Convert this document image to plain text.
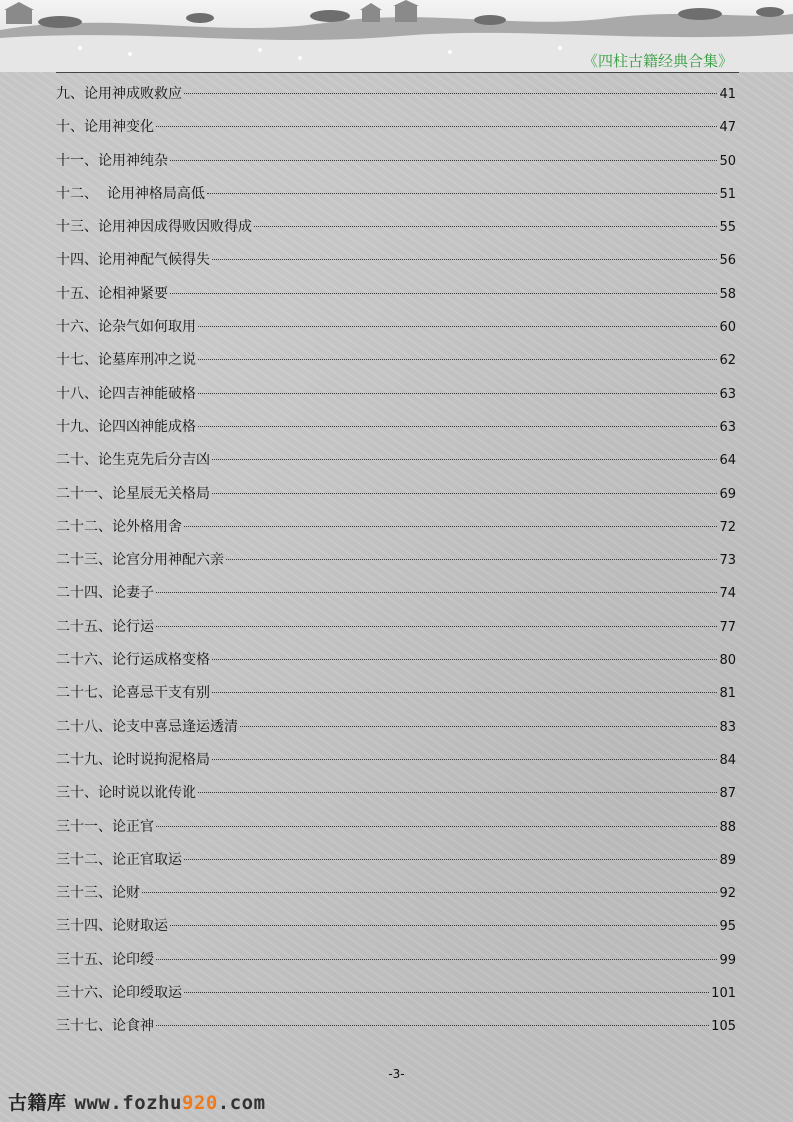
《四柱古籍经典合集》
九、论用神成败救应	41
十、论用神变化	47
十一、论用神纯杂	50
十二、  论用神格局高低	51
十三、论用神因成得败因败得成	55
十四、论用神配气候得失	56
十五、论相神紧要	58
十六、论杂气如何取用	60
十七、论墓库刑冲之说	62
十八、论四吉神能破格	63
十九、论四凶神能成格	63
二十、论生克先后分吉凶	64
二十一、论星辰无关格局	69
二十二、论外格用舍	72
二十三、论宫分用神配六亲	73
二十四、论妻子	74
二十五、论行运	77
二十六、论行运成格变格	80
二十七、论喜忌干支有别	81
二十八、论支中喜忌逢运透清	83
二十九、论时说拘泥格局	84
三十、论时说以讹传讹	87
三十一、论正官	88
三十二、论正官取运	89
三十三、论财	92
三十四、论财取运	95
三十五、论印绶	99
三十六、论印绶取运	101
三十七、论食神	105
-3-
古籍库 www.fozhu920.com
